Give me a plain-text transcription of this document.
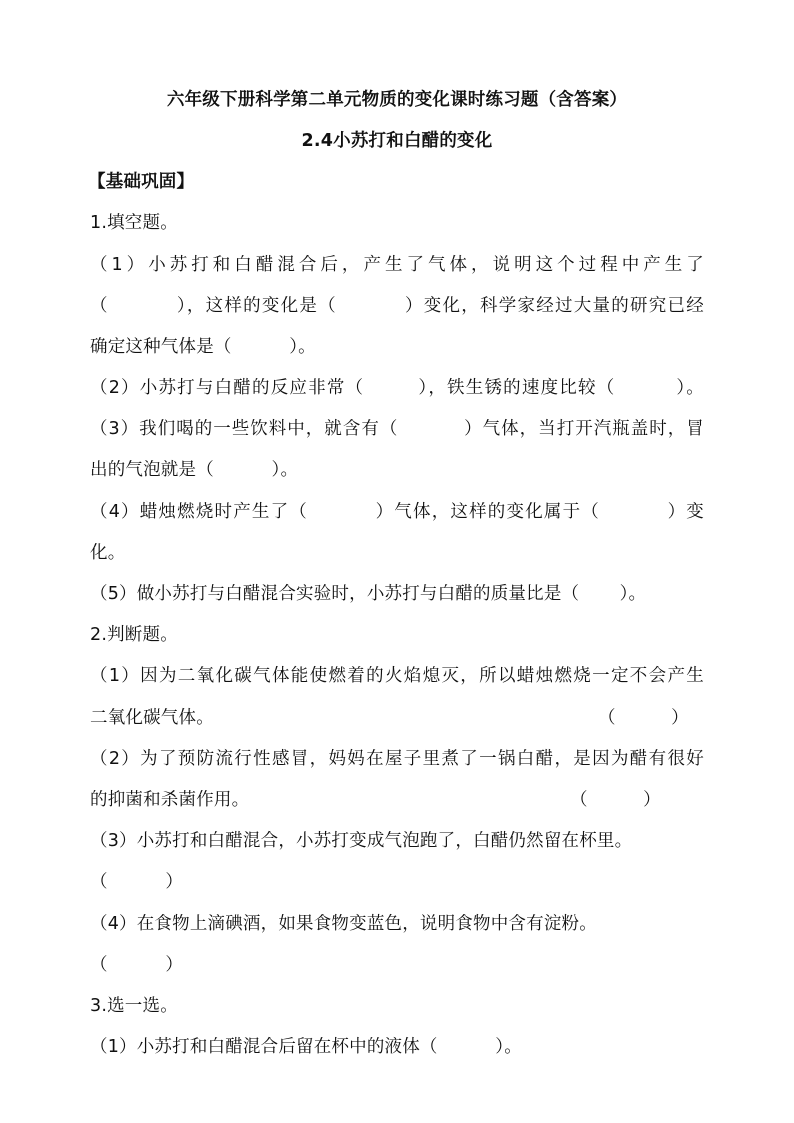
六年级下册科学第二单元物质的变化课时练习题（含答案）
2.4小苏打和白醋的变化
【基础巩固】
1.填空题。
（1）小苏打和白醋混合后，产生了气体，说明这个过程中产生了
（          ），这样的变化是（          ）变化，科学家经过大量的研究已经
确定这种气体是（          ）。
（2）小苏打与白醋的反应非常（        ），铁生锈的速度比较（         ）。
（3）我们喝的一些饮料中，就含有（          ）气体，当打开汽瓶盖时，冒
出的气泡就是（          ）。
（4）蜡烛燃烧时产生了（          ）气体，这样的变化属于（          ）变
化。
（5）做小苏打与白醋混合实验时，小苏打与白醋的质量比是（       ）。
2.判断题。
（1）因为二氧化碳气体能使燃着的火焰熄灭，所以蜡烛燃烧一定不会产生
二氧化碳气体。	（          ）
（2）为了预防流行性感冒，妈妈在屋子里煮了一锅白醋，是因为醋有很好
的抑菌和杀菌作用。	（          ）
（3）小苏打和白醋混合，小苏打变成气泡跑了，白醋仍然留在杯里。
（          ）
（4）在食物上滴碘酒，如果食物变蓝色，说明食物中含有淀粉。
（          ）
3.选一选。
（1）小苏打和白醋混合后留在杯中的液体（          ）。
